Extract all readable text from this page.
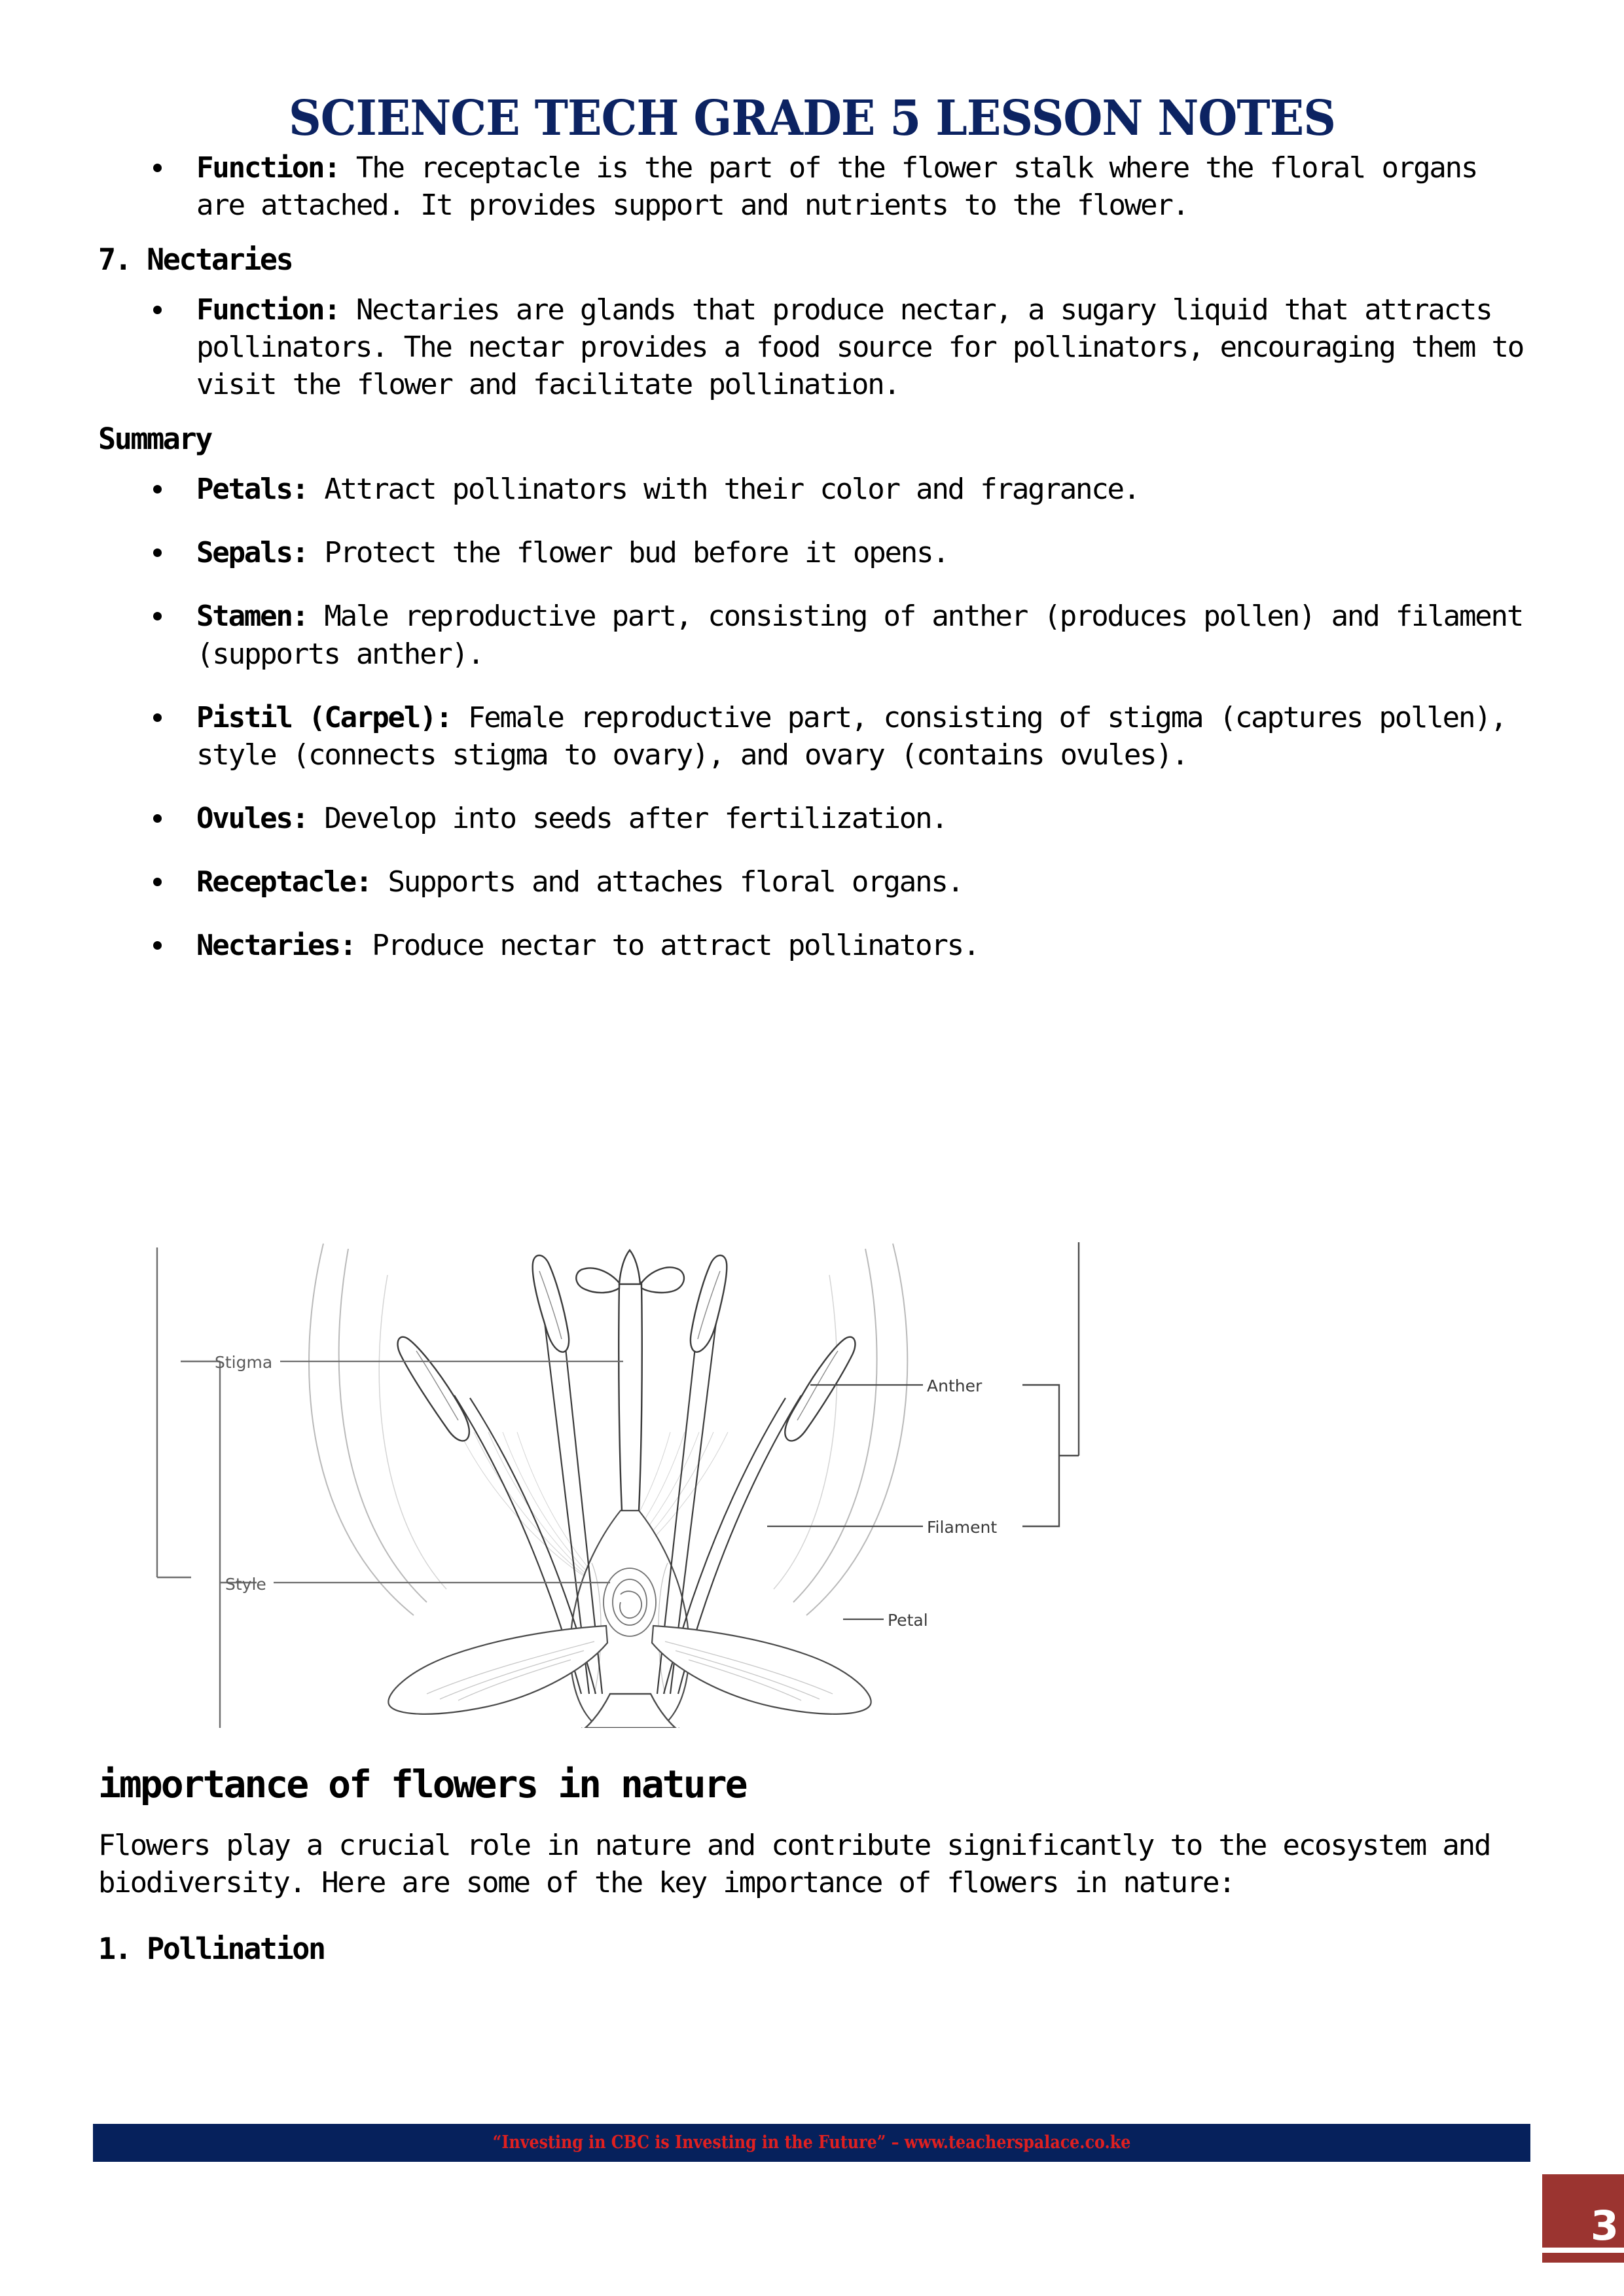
SCIENCE TECH GRADE 5 LESSON NOTES
Function: The receptacle is the part of the flower stalk where the floral organs are attached. It provides support and nutrients to the flower.
7. Nectaries
Function: Nectaries are glands that produce nectar, a sugary liquid that attracts pollinators. The nectar provides a food source for pollinators, encouraging them to visit the flower and facilitate pollination.
Summary
Petals: Attract pollinators with their color and fragrance.
Sepals: Protect the flower bud before it opens.
Stamen: Male reproductive part, consisting of anther (produces pollen) and filament (supports anther).
Pistil (Carpel): Female reproductive part, consisting of stigma (captures pollen), style (connects stigma to ovary), and ovary (contains ovules).
Ovules: Develop into seeds after fertilization.
Receptacle: Supports and attaches floral organs.
Nectaries: Produce nectar to attract pollinators.
Stigma
Style
Anther
Filament
Petal
importance of flowers in nature
Flowers play a crucial role in nature and contribute significantly to the ecosystem and biodiversity. Here are some of the key importance of flowers in nature:
1. Pollination
“Investing in CBC is Investing in the Future” – www.teacherspalace.co.ke
3
